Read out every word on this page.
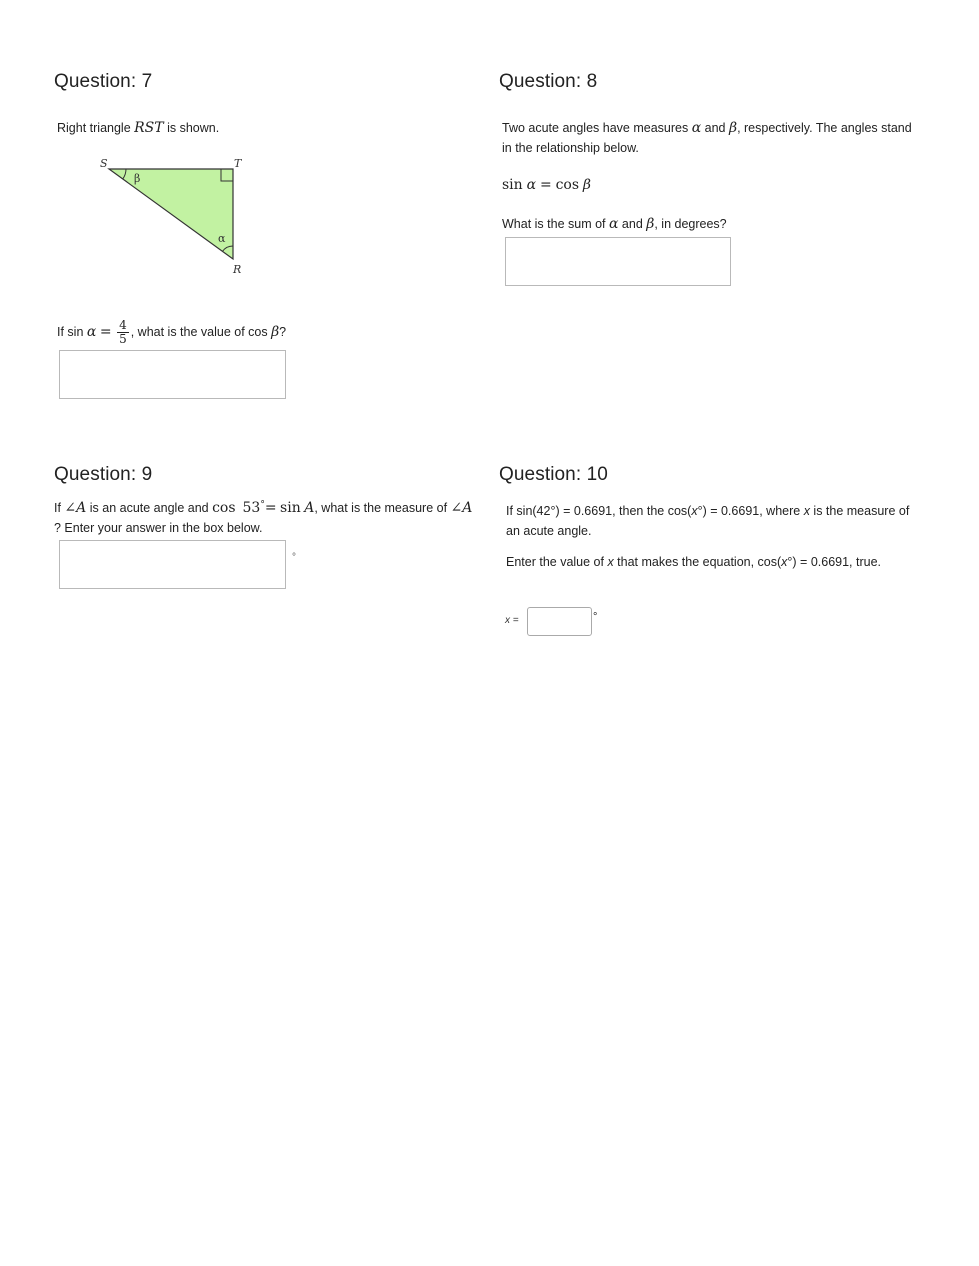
Question: 7
Right triangle RST is shown.
S	T
R
β
α
If $\sin \alpha = \frac{4}{5}$ , what is the value of cos β?
Question: 8
Two acute angles have measures α and β, respectively. The angles stand
in the relationship below.
sin α = cos β
What is the sum of α and β, in degrees?
Question: 9
If ∠A is an acute angle and cos 53°= sin A, what is the measure of ∠A
? Enter your answer in the box below.
°
Question: 10
If sin(42°) = 0.6691, then the cos(x°) = 0.6691, where x is the measure of
an acute angle.
Enter the value of x that makes the equation, cos(x°) = 0.6691, true.
x =	°
